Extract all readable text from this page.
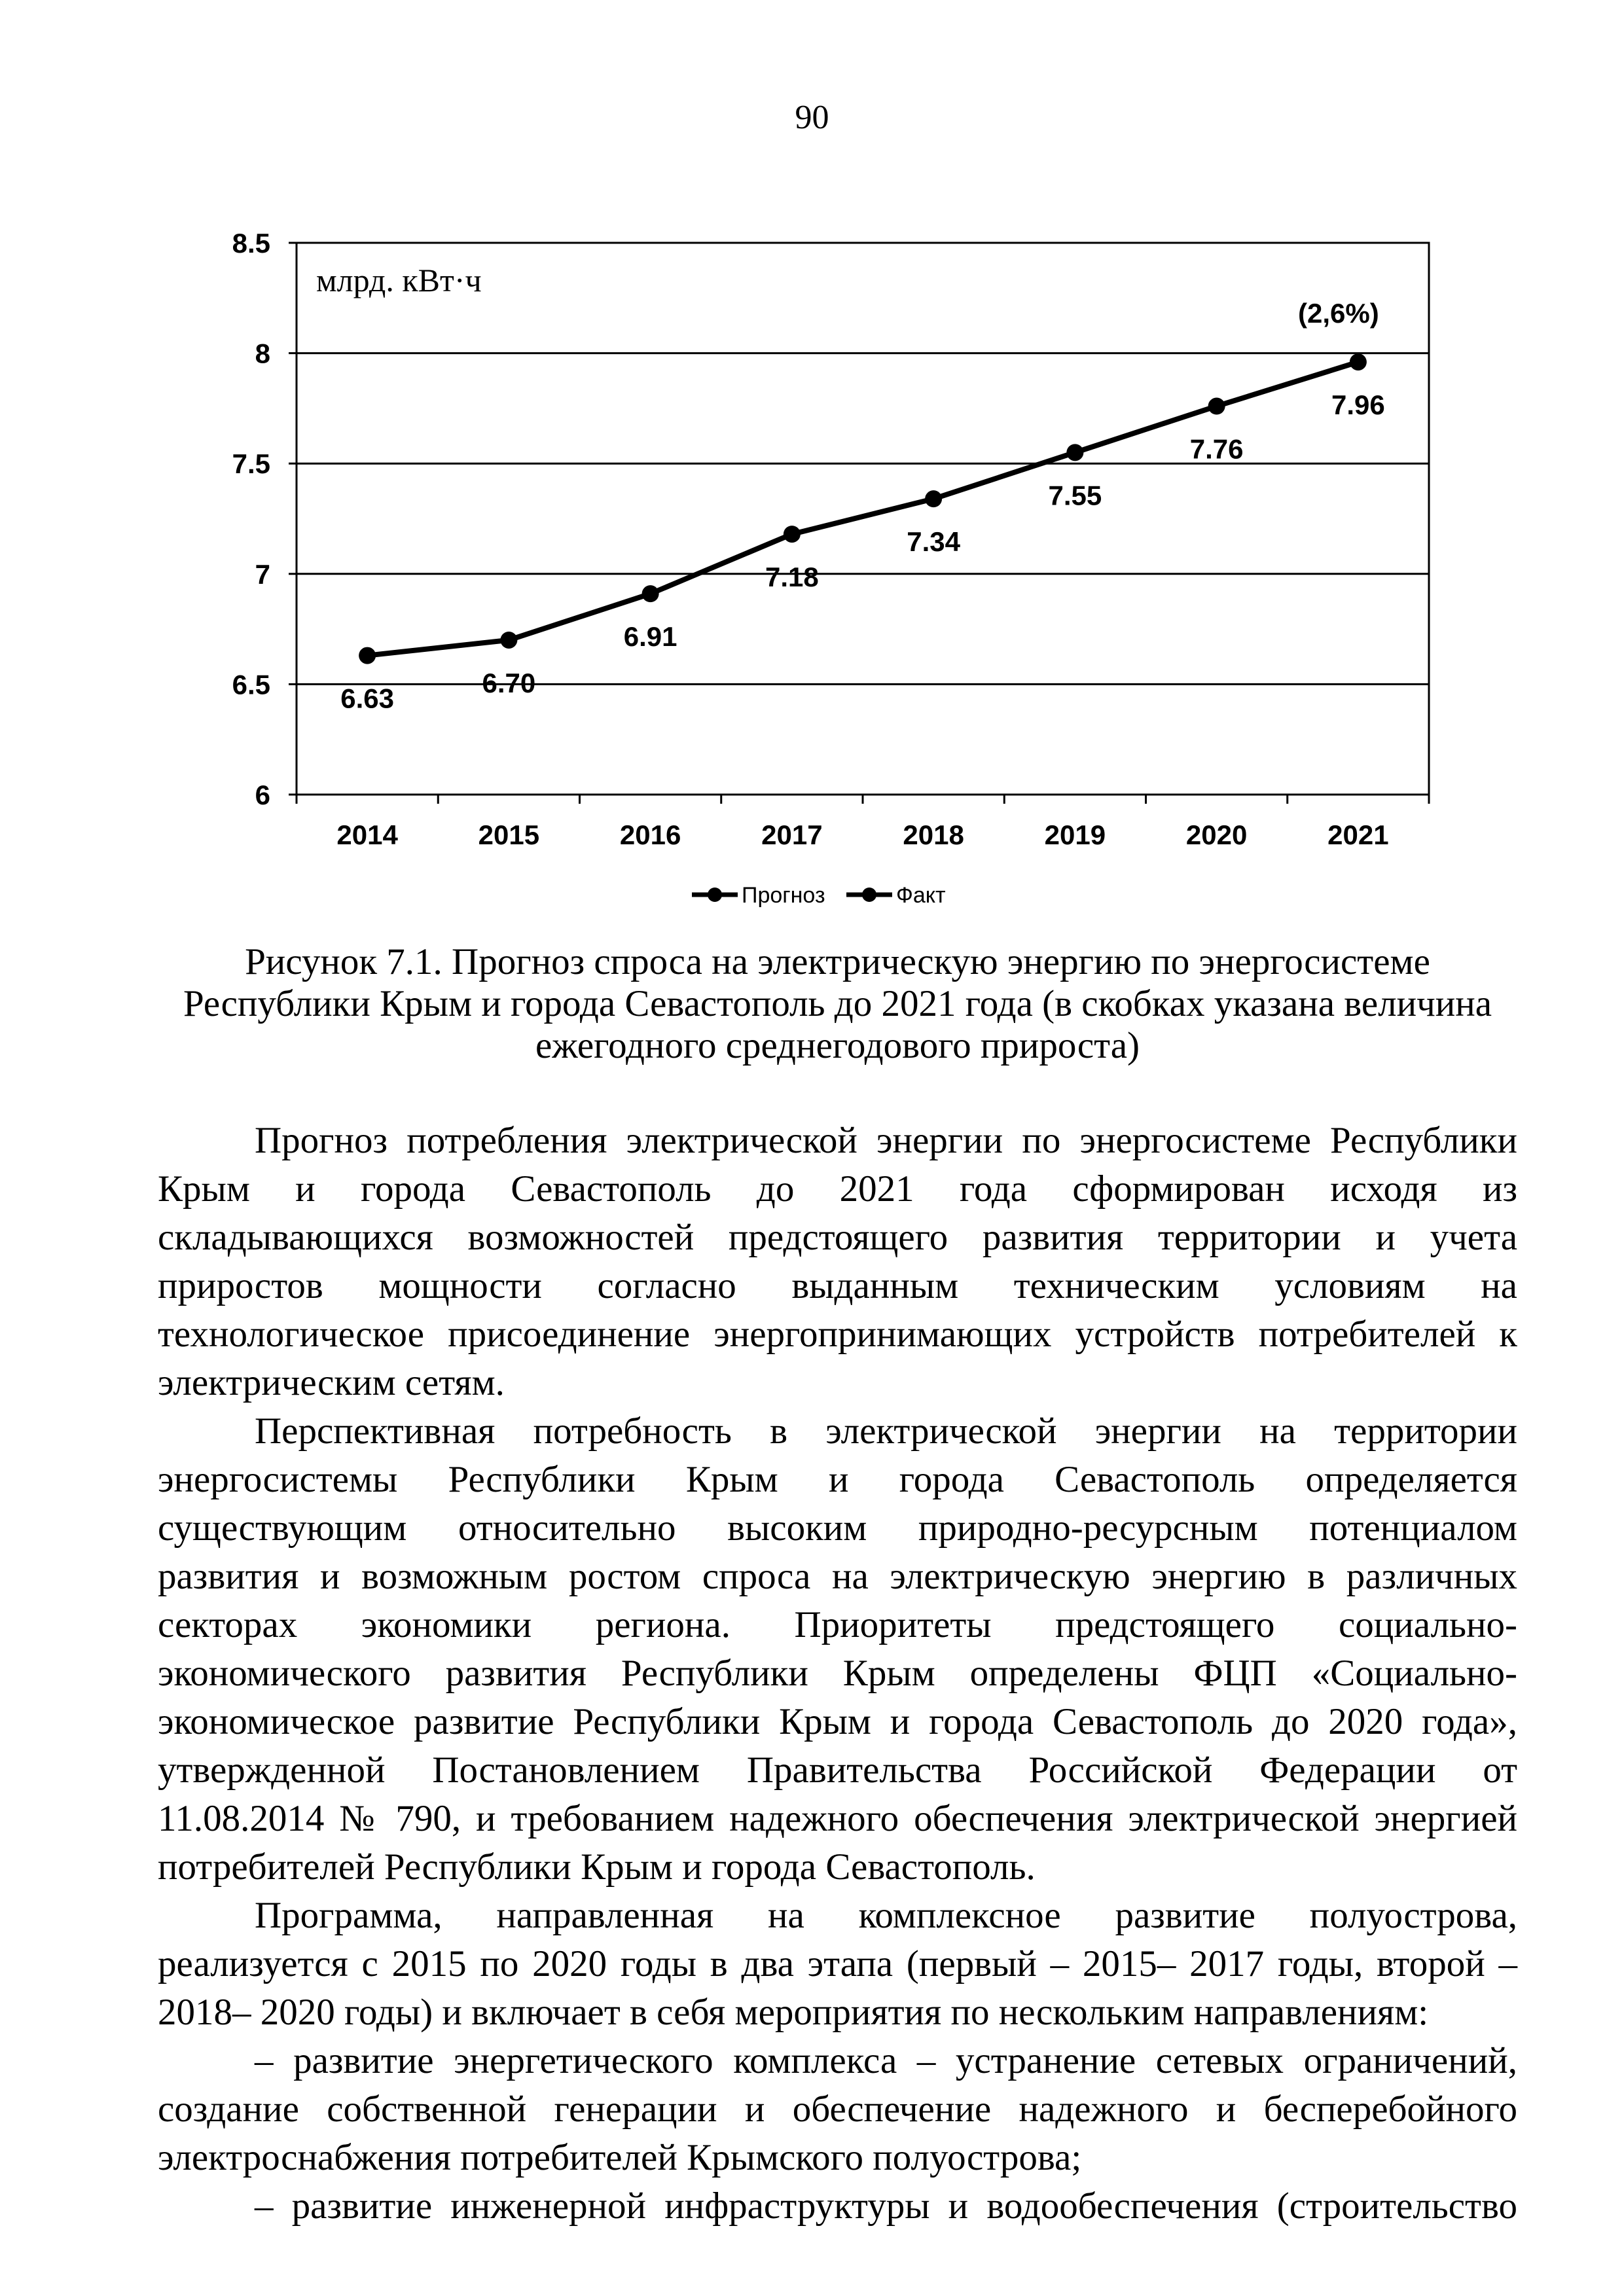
90
6
6.5
7
7.5
8
8.5
2014	2015	2016	2017	2018	2019	2020	2021
млрд. кВт·ч
6.63
6.70
6.91
7.18
7.34
7.55
7.76
7.96
(2,6%)
Прогноз	Факт
Рисунок 7.1. Прогноз спроса на электрическую энергию по энергосистеме
Республики Крым и города Севастополь до 2021 года (в скобках указана величина
ежегодного среднегодового прироста)
Прогноз потребления электрической энергии по энергосистеме Республики
Крым и города Севастополь до 2021 года сформирован исходя из
складывающихся возможностей предстоящего развития территории и учета
приростов мощности согласно выданным техническим условиям на
технологическое присоединение энергопринимающих устройств потребителей к
электрическим сетям.
Перспективная потребность в электрической энергии на территории
энергосистемы Республики Крым и города Севастополь определяется
существующим относительно высоким природно-ресурсным потенциалом
развития и возможным ростом спроса на электрическую энергию в различных
секторах экономики региона. Приоритеты предстоящего социально-
экономического развития Республики Крым определены ФЦП «Социально-
экономическое развитие Республики Крым и города Севастополь до 2020 года»,
утвержденной Постановлением Правительства Российской Федерации от
11.08.2014 № 790, и требованием надежного обеспечения электрической энергией
потребителей Республики Крым и города Севастополь.
Программа, направленная на комплексное развитие полуострова,
реализуется с 2015 по 2020 годы в два этапа (первый – 2015– 2017 годы, второй –
2018– 2020 годы) и включает в себя мероприятия по нескольким направлениям:
– развитие энергетического комплекса – устранение сетевых ограничений,
создание собственной генерации и обеспечение надежного и бесперебойного
электроснабжения потребителей Крымского полуострова;
– развитие инженерной инфраструктуры и водообеспечения (строительство
